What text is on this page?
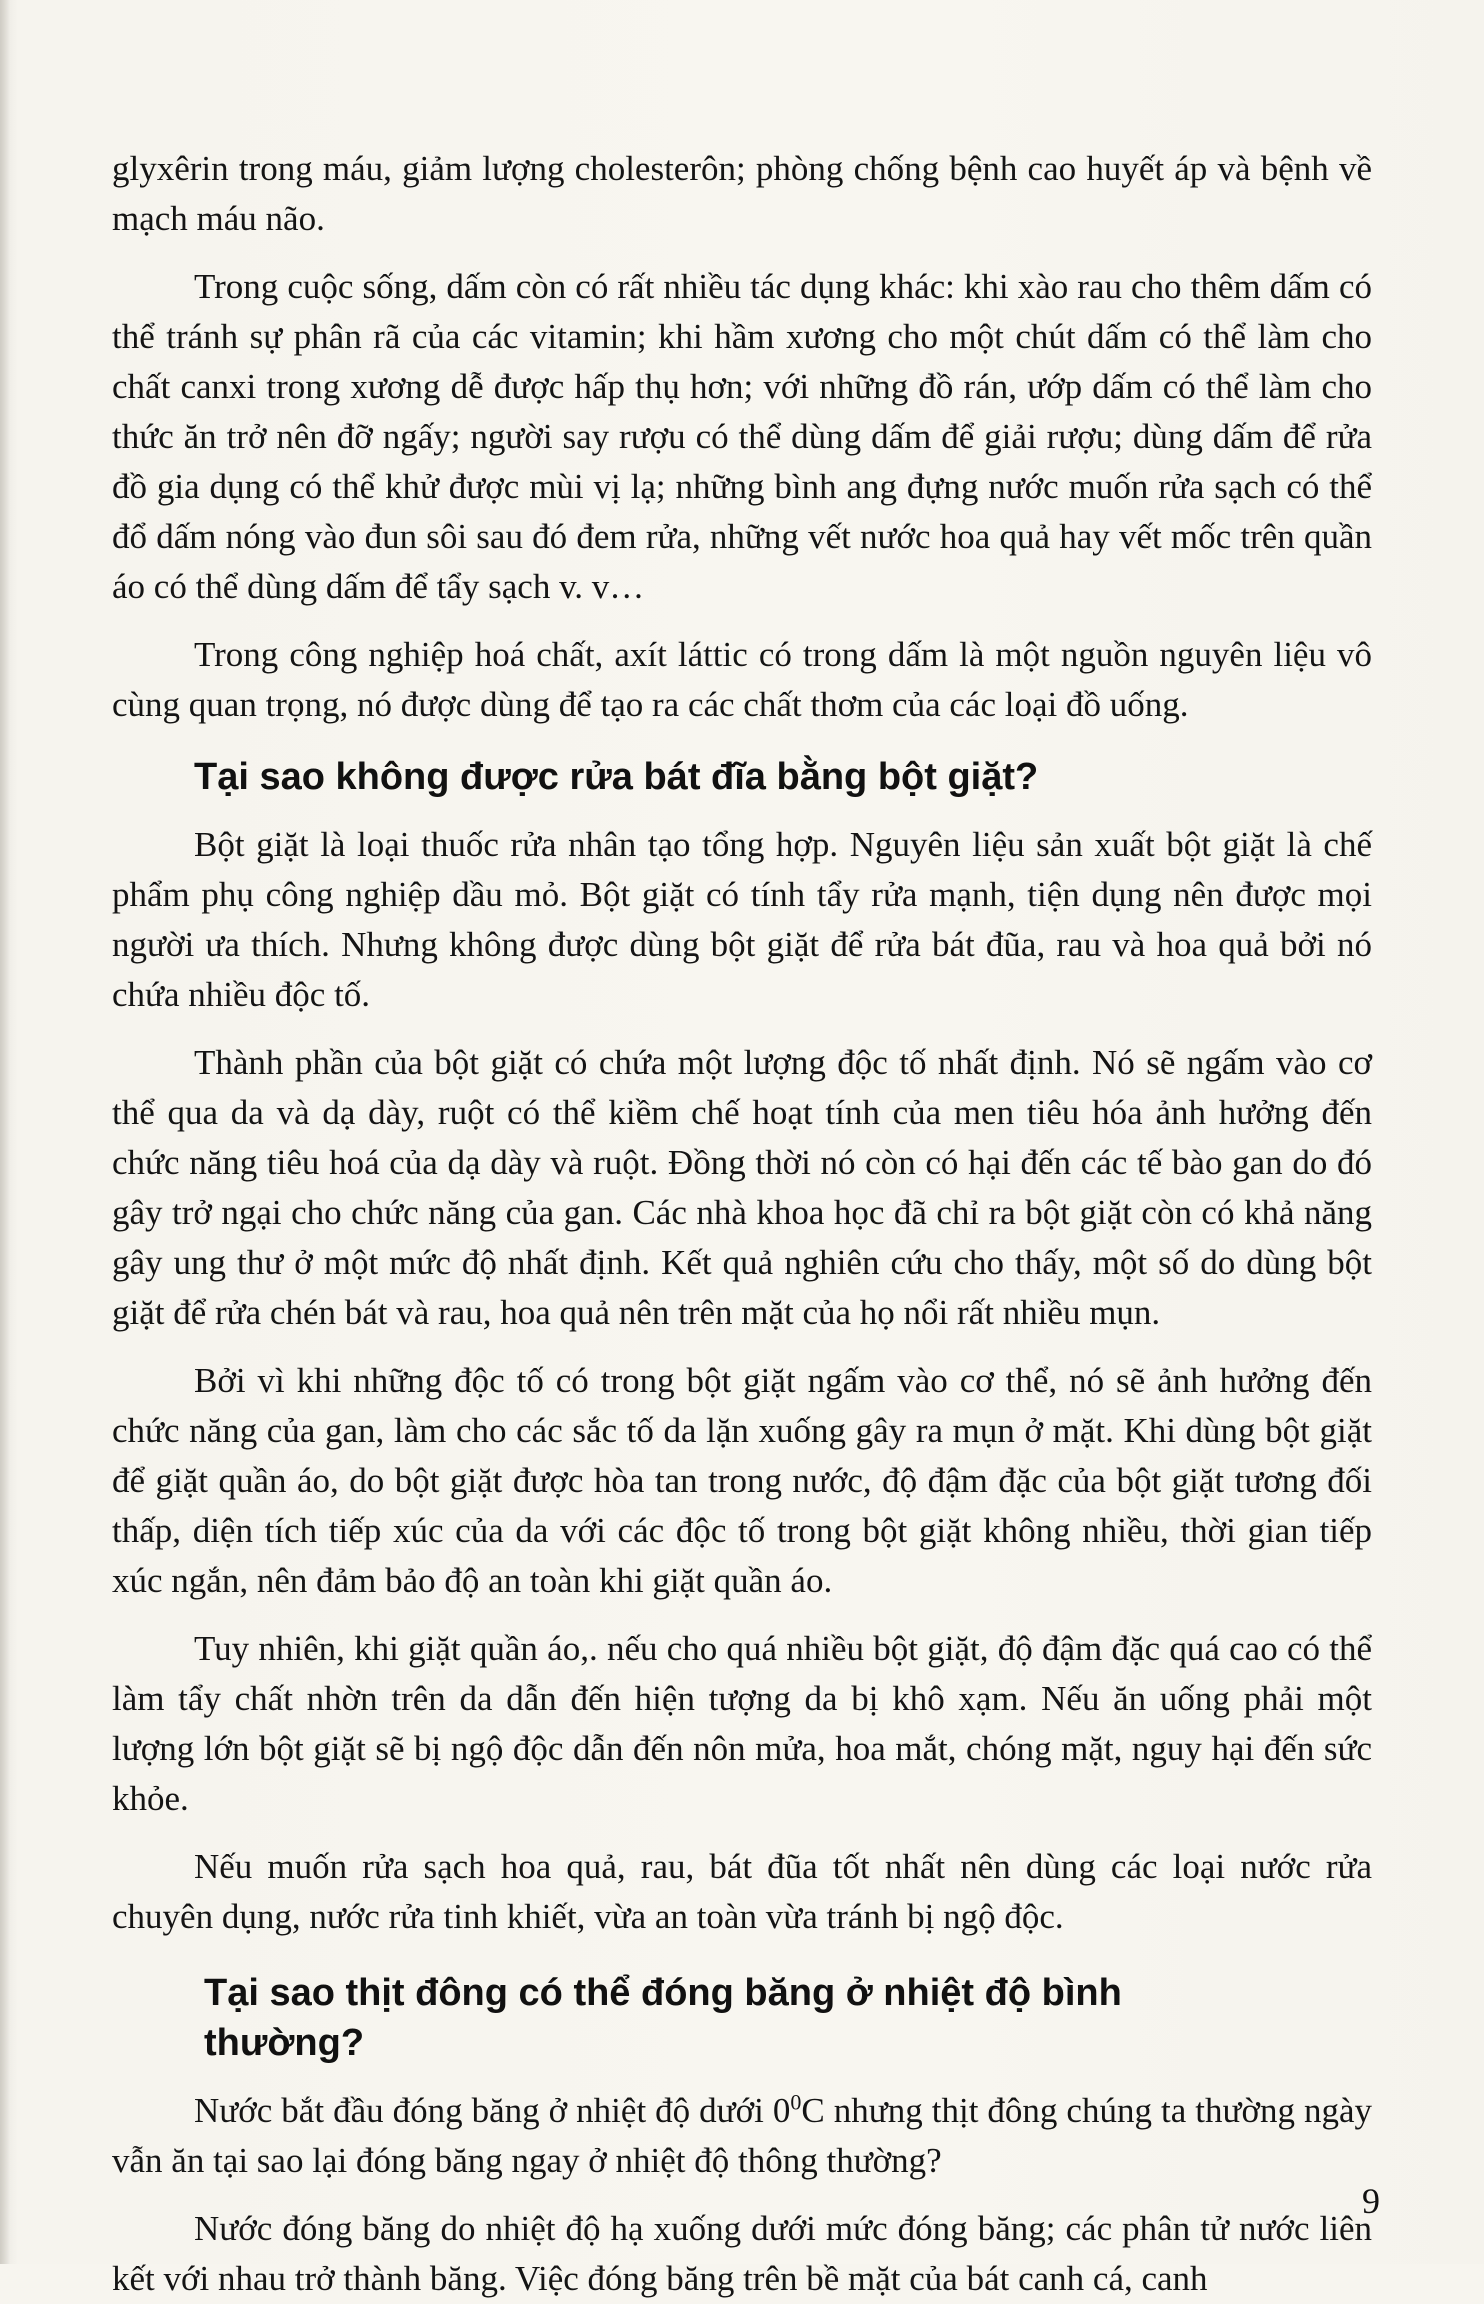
glyxêrin trong máu, giảm lượng cholesterôn; phòng chống bệnh cao huyết áp và bệnh về mạch máu não.

Trong cuộc sống, dấm còn có rất nhiều tác dụng khác: khi xào rau cho thêm dấm có thể tránh sự phân rã của các vitamin; khi hầm xương cho một chút dấm có thể làm cho chất canxi trong xương dễ được hấp thụ hơn; với những đồ rán, ướp dấm có thể làm cho thức ăn trở nên đỡ ngấy; người say rượu có thể dùng dấm để giải rượu; dùng dấm để rửa đồ gia dụng có thể khử được mùi vị lạ; những bình ang đựng nước muốn rửa sạch có thể đổ dấm nóng vào đun sôi sau đó đem rửa, những vết nước hoa quả hay vết mốc trên quần áo có thể dùng dấm để tẩy sạch v. v…

Trong công nghiệp hoá chất, axít láttic có trong dấm là một nguồn nguyên liệu vô cùng quan trọng, nó được dùng để tạo ra các chất thơm của các loại đồ uống.

Tại sao không được rửa bát đĩa bằng bột giặt?

Bột giặt là loại thuốc rửa nhân tạo tổng hợp. Nguyên liệu sản xuất bột giặt là chế phẩm phụ công nghiệp dầu mỏ. Bột giặt có tính tẩy rửa mạnh, tiện dụng nên được mọi người ưa thích. Nhưng không được dùng bột giặt để rửa bát đũa, rau và hoa quả bởi nó chứa nhiều độc tố.

Thành phần của bột giặt có chứa một lượng độc tố nhất định. Nó sẽ ngấm vào cơ thể qua da và dạ dày, ruột có thể kiềm chế hoạt tính của men tiêu hóa ảnh hưởng đến chức năng tiêu hoá của dạ dày và ruột. Đồng thời nó còn có hại đến các tế bào gan do đó gây trở ngại cho chức năng của gan. Các nhà khoa học đã chỉ ra bột giặt còn có khả năng gây ung thư ở một mức độ nhất định. Kết quả nghiên cứu cho thấy, một số do dùng bột giặt để rửa chén bát và rau, hoa quả nên trên mặt của họ nổi rất nhiều mụn.

Bởi vì khi những độc tố có trong bột giặt ngấm vào cơ thể, nó sẽ ảnh hưởng đến chức năng của gan, làm cho các sắc tố da lặn xuống gây ra mụn ở mặt. Khi dùng bột giặt để giặt quần áo, do bột giặt được hòa tan trong nước, độ đậm đặc của bột giặt tương đối thấp, diện tích tiếp xúc của da với các độc tố trong bột giặt không nhiều, thời gian tiếp xúc ngắn, nên đảm bảo độ an toàn khi giặt quần áo.

Tuy nhiên, khi giặt quần áo,. nếu cho quá nhiều bột giặt, độ đậm đặc quá cao có thể làm tẩy chất nhờn trên da dẫn đến hiện tượng da bị khô xạm. Nếu ăn uống phải một lượng lớn bột giặt sẽ bị ngộ độc dẫn đến nôn mửa, hoa mắt, chóng mặt, nguy hại đến sức khỏe.

Nếu muốn rửa sạch hoa quả, rau, bát đũa tốt nhất nên dùng các loại nước rửa chuyên dụng, nước rửa tinh khiết, vừa an toàn vừa tránh bị ngộ độc.

Tại sao thịt đông có thể đóng băng ở nhiệt độ bình
thường?

Nước bắt đầu đóng băng ở nhiệt độ dưới $0^0C$ nhưng thịt đông chúng ta thường ngày vẫn ăn tại sao lại đóng băng ngay ở nhiệt độ thông thường?

Nước đóng băng do nhiệt độ hạ xuống dưới mức đóng băng; các phân tử nước liên kết với nhau trở thành băng. Việc đóng băng trên bề mặt của bát canh cá, canh

9
